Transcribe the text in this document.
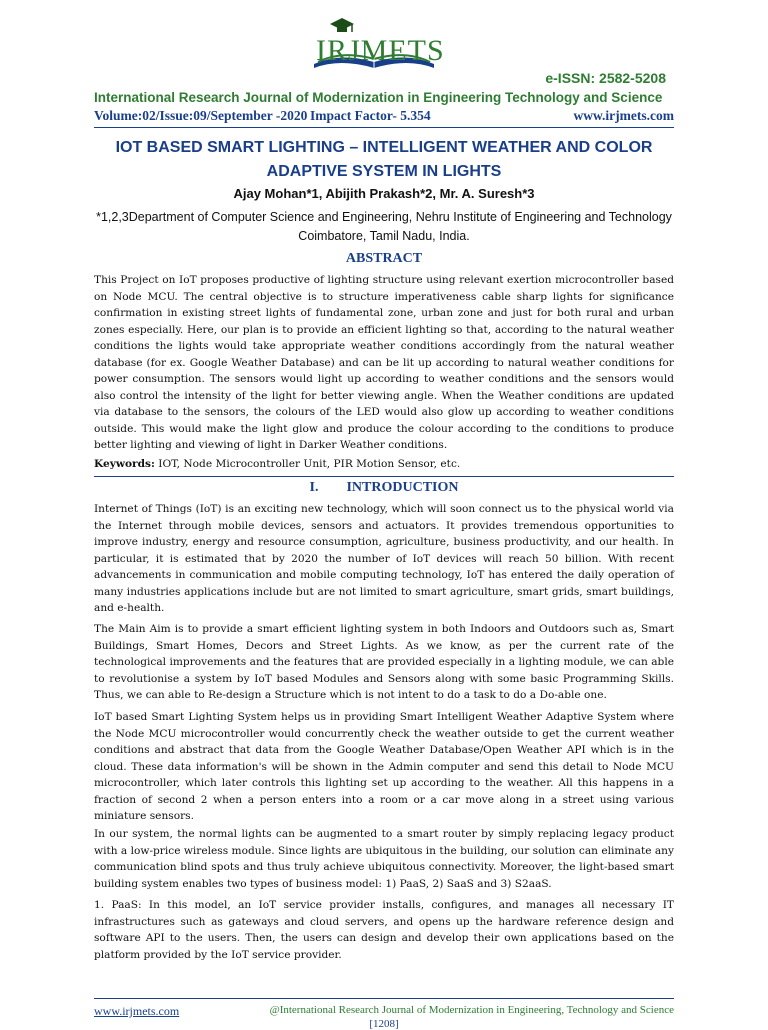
IRJMETS
e-ISSN: 2582-5208
International Research Journal of Modernization in Engineering Technology and Science
Volume:02/Issue:09/September -2020 Impact Factor- 5.354	www.irjmets.com
IOT BASED SMART LIGHTING – INTELLIGENT WEATHER AND COLOR ADAPTIVE SYSTEM IN LIGHTS
Ajay Mohan*1, Abijith Prakash*2, Mr. A. Suresh*3
*1,2,3Department of Computer Science and Engineering, Nehru Institute of Engineering and Technology Coimbatore, Tamil Nadu, India.
ABSTRACT
This Project on IoT proposes productive of lighting structure using relevant exertion microcontroller based on Node MCU. The central objective is to structure imperativeness cable sharp lights for significance confirmation in existing street lights of fundamental zone, urban zone and just for both rural and urban zones especially. Here, our plan is to provide an efficient lighting so that, according to the natural weather conditions the lights would take appropriate weather conditions accordingly from the natural weather database (for ex. Google Weather Database) and can be lit up according to natural weather conditions for power consumption. The sensors would light up according to weather conditions and the sensors would also control the intensity of the light for better viewing angle. When the Weather conditions are updated via database to the sensors, the colours of the LED would also glow up according to weather conditions outside. This would make the light glow and produce the colour according to the conditions to produce better lighting and viewing of light in Darker Weather conditions.
Keywords: IOT, Node Microcontroller Unit, PIR Motion Sensor, etc.
I.        INTRODUCTION
Internet of Things (IoT) is an exciting new technology, which will soon connect us to the physical world via the Internet through mobile devices, sensors and actuators. It provides tremendous opportunities to improve industry, energy and resource consumption, agriculture, business productivity, and our health. In particular, it is estimated that by 2020 the number of IoT devices will reach 50 billion. With recent advancements in communication and mobile computing technology, IoT has entered the daily operation of many industries applications include but are not limited to smart agriculture, smart grids, smart buildings, and e-health.
The Main Aim is to provide a smart efficient lighting system in both Indoors and Outdoors such as, Smart Buildings, Smart Homes, Decors and Street Lights. As we know, as per the current rate of the technological improvements and the features that are provided especially in a lighting module, we can able to revolutionise a system by IoT based Modules and Sensors along with some basic Programming Skills. Thus, we can able to Re-design a Structure which is not intent to do a task to do a Do-able one.
IoT based Smart Lighting System helps us in providing Smart Intelligent Weather Adaptive System where the Node MCU microcontroller would concurrently check the weather outside to get the current weather conditions and abstract that data from the Google Weather Database/Open Weather API which is in the cloud. These data information's will be shown in the Admin computer and send this detail to Node MCU microcontroller, which later controls this lighting set up according to the weather. All this happens in a fraction of second 2 when a person enters into a room or a car move along in a street using various miniature sensors.
In our system, the normal lights can be augmented to a smart router by simply replacing legacy product with a low-price wireless module. Since lights are ubiquitous in the building, our solution can eliminate any communication blind spots and thus truly achieve ubiquitous connectivity. Moreover, the light-based smart building system enables two types of business model: 1) PaaS, 2) SaaS and 3) S2aaS.
1. PaaS: In this model, an IoT service provider installs, configures, and manages all necessary IT infrastructures such as gateways and cloud servers, and opens up the hardware reference design and software API to the users. Then, the users can design and develop their own applications based on the platform provided by the IoT service provider.
www.irjmets.com	@International Research Journal of Modernization in Engineering, Technology and Science
[1208]
